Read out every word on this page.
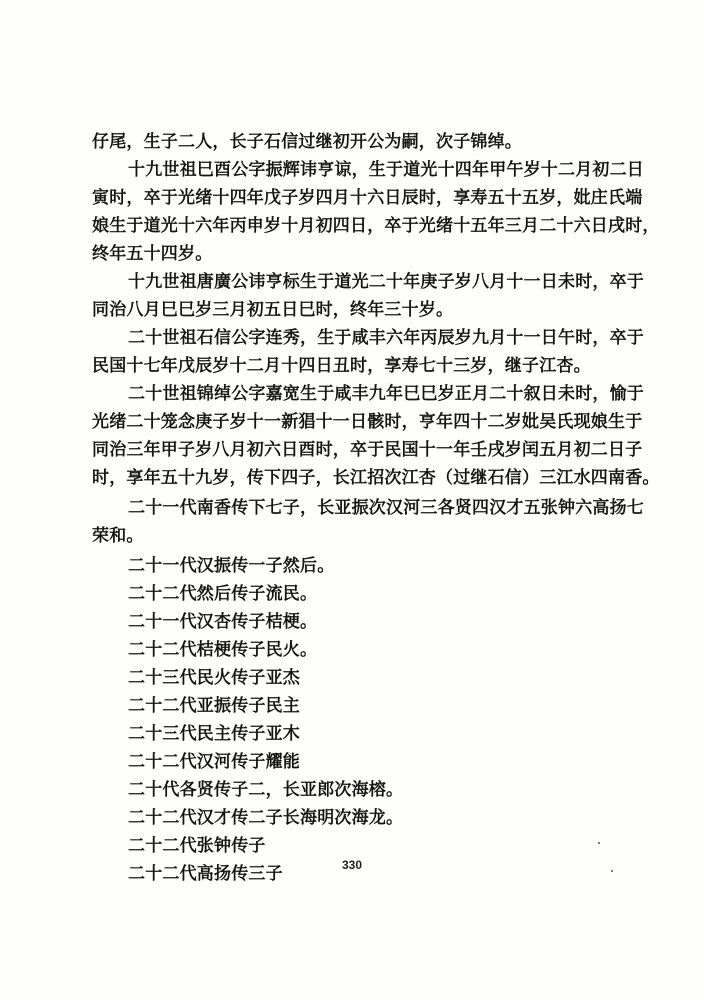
仔尾，生子二人，长子石信过继初开公为嗣，次子锦绰。
十九世祖巳酉公字振辉讳亨谅，生于道光十四年甲午岁十二月初二日
寅时，卒于光绪十四年戊子岁四月十六日辰时，享寿五十五岁，妣庄氏端
娘生于道光十六年丙申岁十月初四日，卒于光绪十五年三月二十六日戌时，
终年五十四岁。
十九世祖唐廣公讳亨标生于道光二十年庚子岁八月十一日未时，卒于
同治八月巳巳岁三月初五日巳时，终年三十岁。
二十世祖石信公字连秀，生于咸丰六年丙辰岁九月十一日午时，卒于
民国十七年戊辰岁十二月十四日丑时，享寿七十三岁，继子江杏。
二十世祖锦绰公字嘉宽生于咸丰九年巳巳岁正月二十叙日未时，愉于
光绪二十笼念庚子岁十一新猖十一日骸时，亨年四十二岁妣吴氏现娘生于
同治三年甲子岁八月初六日酉时，卒于民国十一年壬戌岁闰五月初二日子
时，享年五十九岁，传下四子，长江招次江杏（过继石信）三江水四南香。
二十一代南香传下七子，长亚振次汉河三各贤四汉才五张钟六高扬七
荣和。
二十一代汉振传一子然后。
二十二代然后传子流民。
二十一代汉杏传子桔梗。
二十二代桔梗传子民火。
二十三代民火传子亚杰
二十二代亚振传子民主
二十三代民主传子亚木
二十二代汉河传子耀能
二十代各贤传子二，长亚郎次海榕。
二十二代汉才传二子长海明次海龙。
二十二代张钟传子
二十二代高扬传三子	330
